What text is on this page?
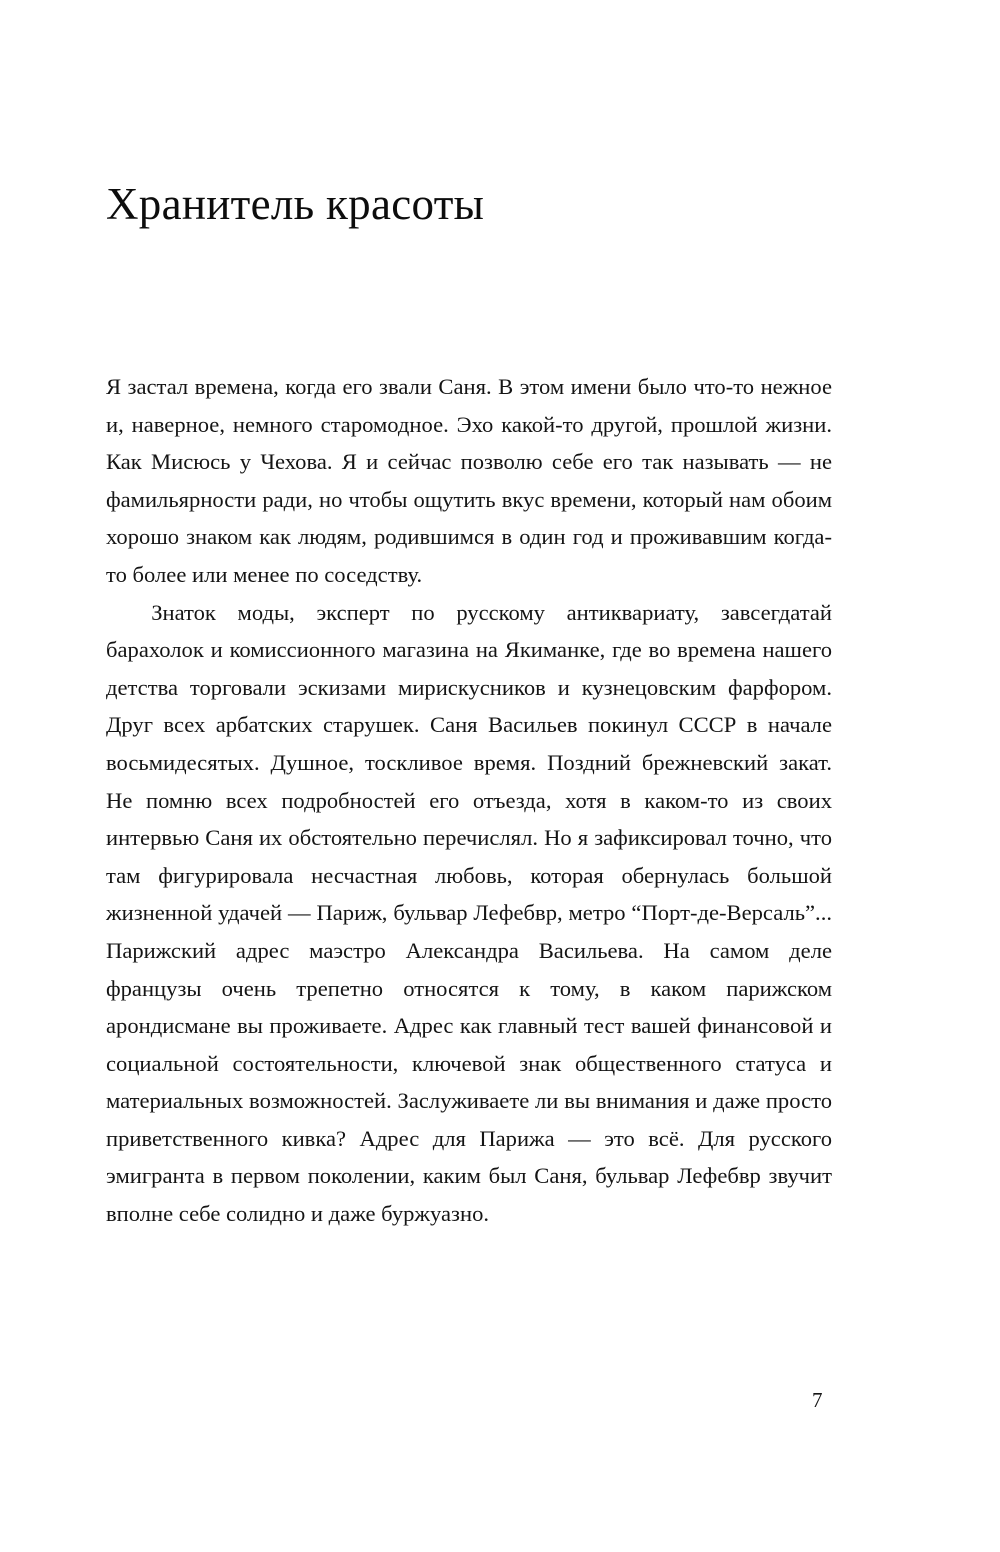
Хранитель красоты

Я застал времена, когда его звали Саня. В этом имени было что-то нежное и, наверное, немного старомодное. Эхо какой-то другой, прошлой жизни. Как Мисюсь у Чехова. Я и сейчас позволю себе его так называть — не фамильярности ради, но чтобы ощутить вкус времени, который нам обоим хорошо знаком как людям, родившимся в один год и проживавшим когда-то более или менее по соседству.

Знаток моды, эксперт по русскому антиквариату, завсегдатай барахолок и комиссионного магазина на Якиманке, где во времена нашего детства торговали эскизами мирискусников и кузнецовским фарфором. Друг всех арбатских старушек. Саня Васильев покинул СССР в начале восьмидесятых. Душное, тоскливое время. Поздний брежневский закат. Не помню всех подробностей его отъезда, хотя в каком-то из своих интервью Саня их обстоятельно перечислял. Но я зафиксировал точно, что там фигурировала несчастная любовь, которая обернулась большой жизненной удачей — Париж, бульвар Лефебвр, метро “Порт-де-Версаль”... Парижский адрес маэстро Александра Васильева. На самом деле французы очень трепетно относятся к тому, в каком парижском арондисмане вы проживаете. Адрес как главный тест вашей финансовой и социальной состоятельности, ключевой знак общественного статуса и материальных возможностей. Заслуживаете ли вы внимания и даже просто приветственного кивка? Адрес для Парижа — это всё. Для русского эмигранта в первом поколении, каким был Саня, бульвар Лефебвр звучит вполне себе солидно и даже буржуазно.

7
